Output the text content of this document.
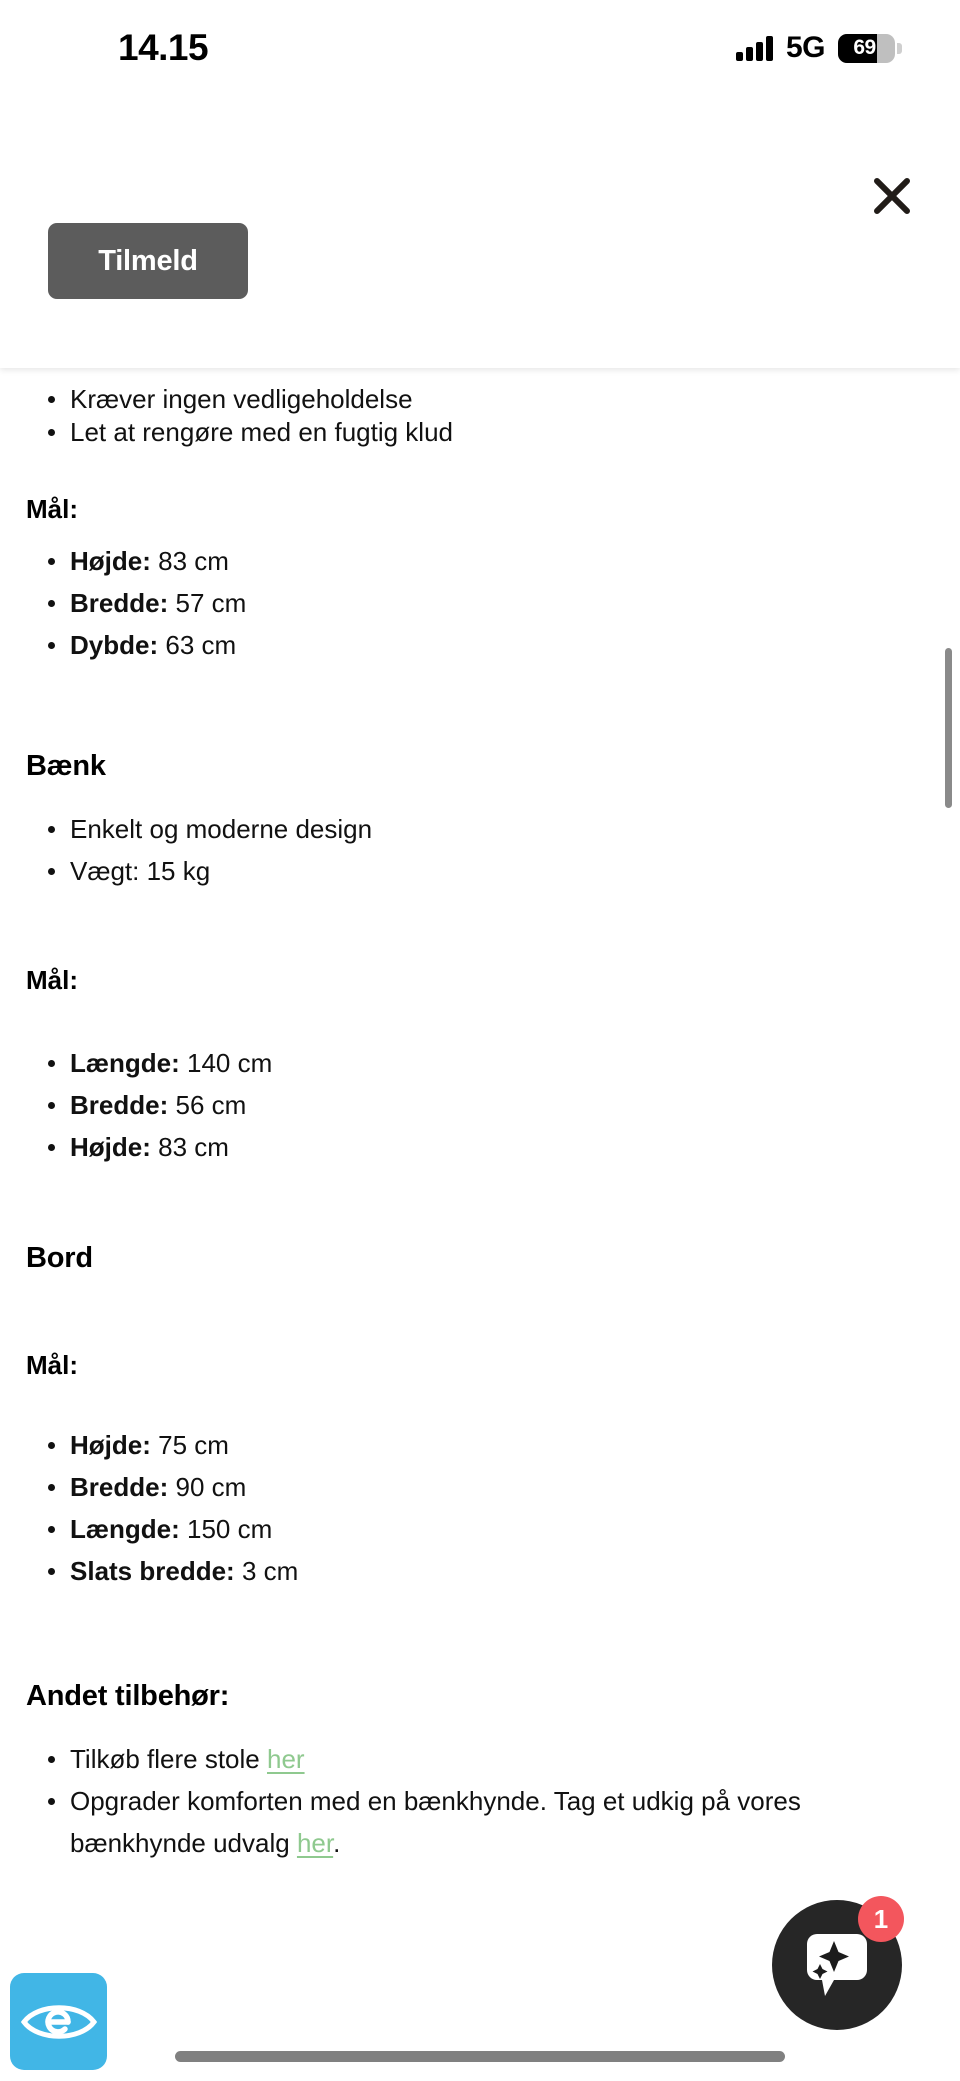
Kræver ingen vedligeholdelse
Let at rengøre med en fugtig klud
Mål:
Højde: 83 cm
Bredde: 57 cm
Dybde: 63 cm
Bænk
Enkelt og moderne design
Vægt: 15 kg
Mål:
Længde: 140 cm
Bredde: 56 cm
Højde: 83 cm
Bord
Mål:
Højde: 75 cm
Bredde: 90 cm
Længde: 150 cm
Slats bredde: 3 cm
Andet tilbehør:
Tilkøb flere stole her
Opgrader komforten med en bænkhynde. Tag et udkig på vores bænkhynde udvalg her.
Tilmeld
14.15	5G	69
1
